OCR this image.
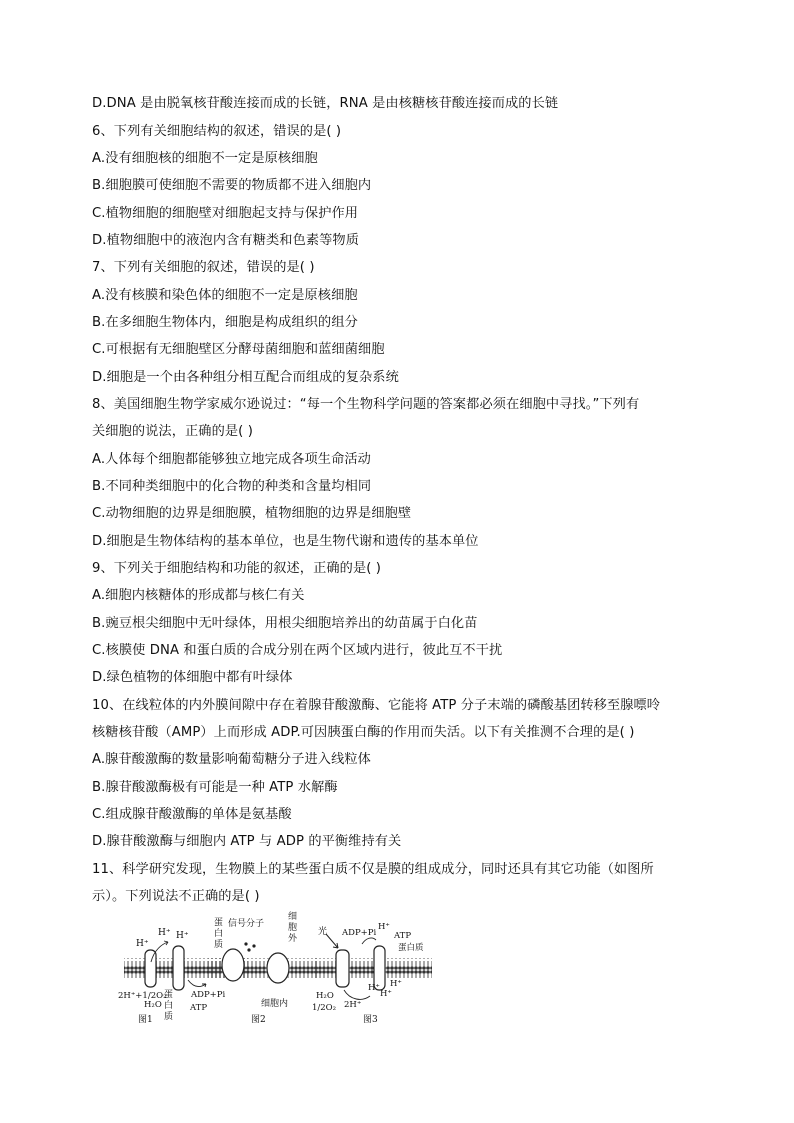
D.DNA 是由脱氧核苷酸连接而成的长链，RNA 是由核糖核苷酸连接而成的长链
6、下列有关细胞结构的叙述，错误的是( )
A.没有细胞核的细胞不一定是原核细胞
B.细胞膜可使细胞不需要的物质都不进入细胞内
C.植物细胞的细胞壁对细胞起支持与保护作用
D.植物细胞中的液泡内含有糖类和色素等物质
7、下列有关细胞的叙述，错误的是( )
A.没有核膜和染色体的细胞不一定是原核细胞
B.在多细胞生物体内，细胞是构成组织的组分
C.可根据有无细胞壁区分酵母菌细胞和蓝细菌细胞
D.细胞是一个由各种组分相互配合而组成的复杂系统
8、美国细胞生物学家威尔逊说过：“每一个生物科学问题的答案都必须在细胞中寻找。”下列有
关细胞的说法，正确的是( )
A.人体每个细胞都能够独立地完成各项生命活动
B.不同种类细胞中的化合物的种类和含量均相同
C.动物细胞的边界是细胞膜，植物细胞的边界是细胞壁
D.细胞是生物体结构的基本单位，也是生物代谢和遗传的基本单位
9、下列关于细胞结构和功能的叙述，正确的是( )
A.细胞内核糖体的形成都与核仁有关
B.豌豆根尖细胞中无叶绿体，用根尖细胞培养出的幼苗属于白化苗
C.核膜使 DNA 和蛋白质的合成分别在两个区域内进行，彼此互不干扰
D.绿色植物的体细胞中都有叶绿体
10、在线粒体的内外膜间隙中存在着腺苷酸激酶、它能将 ATP 分子末端的磷酸基团转移至腺嘌呤
核糖核苷酸（AMP）上而形成 ADP.可因胰蛋白酶的作用而失活。以下有关推测不合理的是( )
A.腺苷酸激酶的数量影响葡萄糖分子进入线粒体
B.腺苷酸激酶极有可能是一种 ATP 水解酶
C.组成腺苷酸激酶的单体是氨基酸
D.腺苷酸激酶与细胞内 ATP 与 ADP 的平衡维持有关
11、科学研究发现，生物膜上的某些蛋白质不仅是膜的组成成分，同时还具有其它功能（如图所
示）。下列说法不正确的是( )
H⁺ H⁺
H⁺
2H⁺+1/2O₂
H₂O
ADP+Pi
ATP
蛋
白
质
图1
蛋
白
质
信号分子
细
胞
外
细胞内
图2
光 ADP+Pi ATP
H⁺
蛋白质
H₂O
H⁺
H⁺
H⁺
2H⁺
1/2O₂
图3
